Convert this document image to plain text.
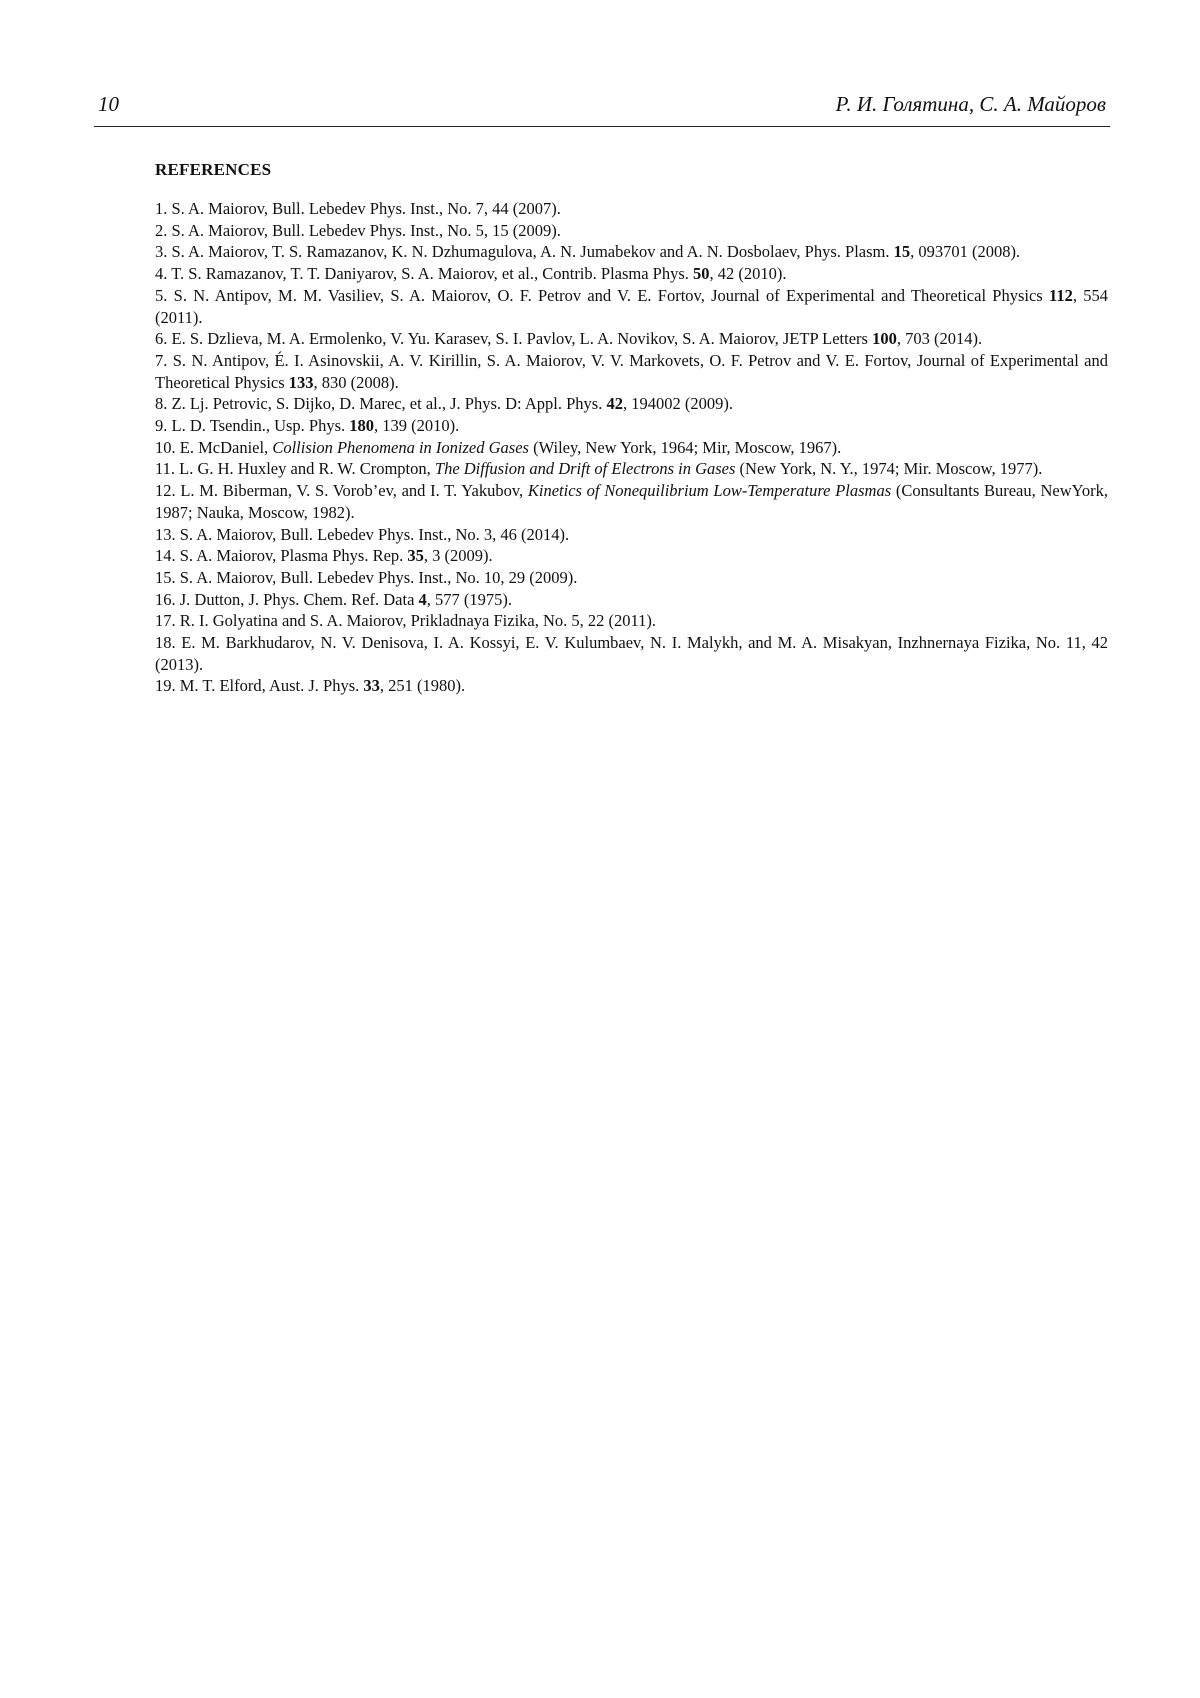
10	Р. И. Голятина, С. А. Майоров
REFERENCES
1. S. A. Maiorov, Bull. Lebedev Phys. Inst., No. 7, 44 (2007).
2. S. A. Maiorov, Bull. Lebedev Phys. Inst., No. 5, 15 (2009).
3. S. A. Maiorov, T. S. Ramazanov, K. N. Dzhumagulova, A. N. Jumabekov and A. N. Dosbolaev, Phys. Plasm. 15, 093701 (2008).
4. T. S. Ramazanov, T. T. Daniyarov, S. A. Maiorov, et al., Contrib. Plasma Phys. 50, 42 (2010).
5. S. N. Antipov, M. M. Vasiliev, S. A. Maiorov, O. F. Petrov and V. E. Fortov, Journal of Experimental and Theoretical Physics 112, 554 (2011).
6. E. S. Dzlieva, M. A. Ermolenko, V. Yu. Karasev, S. I. Pavlov, L. A. Novikov, S. A. Maiorov, JETP Letters 100, 703 (2014).
7. S. N. Antipov, É. I. Asinovskii, A. V. Kirillin, S. A. Maiorov, V. V. Markovets, O. F. Petrov and V. E. Fortov, Journal of Experimental and Theoretical Physics 133, 830 (2008).
8. Z. Lj. Petrovic, S. Dijko, D. Marec, et al., J. Phys. D: Appl. Phys. 42, 194002 (2009).
9. L. D. Tsendin., Usp. Phys. 180, 139 (2010).
10. E. McDaniel, Collision Phenomena in Ionized Gases (Wiley, New York, 1964; Mir, Moscow, 1967).
11. L. G. H. Huxley and R. W. Crompton, The Diffusion and Drift of Electrons in Gases (New York, N. Y., 1974; Mir. Moscow, 1977).
12. L. M. Biberman, V. S. Vorob’ev, and I. T. Yakubov, Kinetics of Nonequilibrium Low-Temperature Plasmas (Consultants Bureau, NewYork, 1987; Nauka, Moscow, 1982).
13. S. A. Maiorov, Bull. Lebedev Phys. Inst., No. 3, 46 (2014).
14. S. A. Maiorov, Plasma Phys. Rep. 35, 3 (2009).
15. S. A. Maiorov, Bull. Lebedev Phys. Inst., No. 10, 29 (2009).
16. J. Dutton, J. Phys. Chem. Ref. Data 4, 577 (1975).
17. R. I. Golyatina and S. A. Maiorov, Prikladnaya Fizika, No. 5, 22 (2011).
18. E. M. Barkhudarov, N. V. Denisova, I. A. Kossyi, E. V. Kulumbaev, N. I. Malykh, and M. A. Misakyan, Inzhnernaya Fizika, No. 11, 42 (2013).
19. M. T. Elford, Aust. J. Phys. 33, 251 (1980).
